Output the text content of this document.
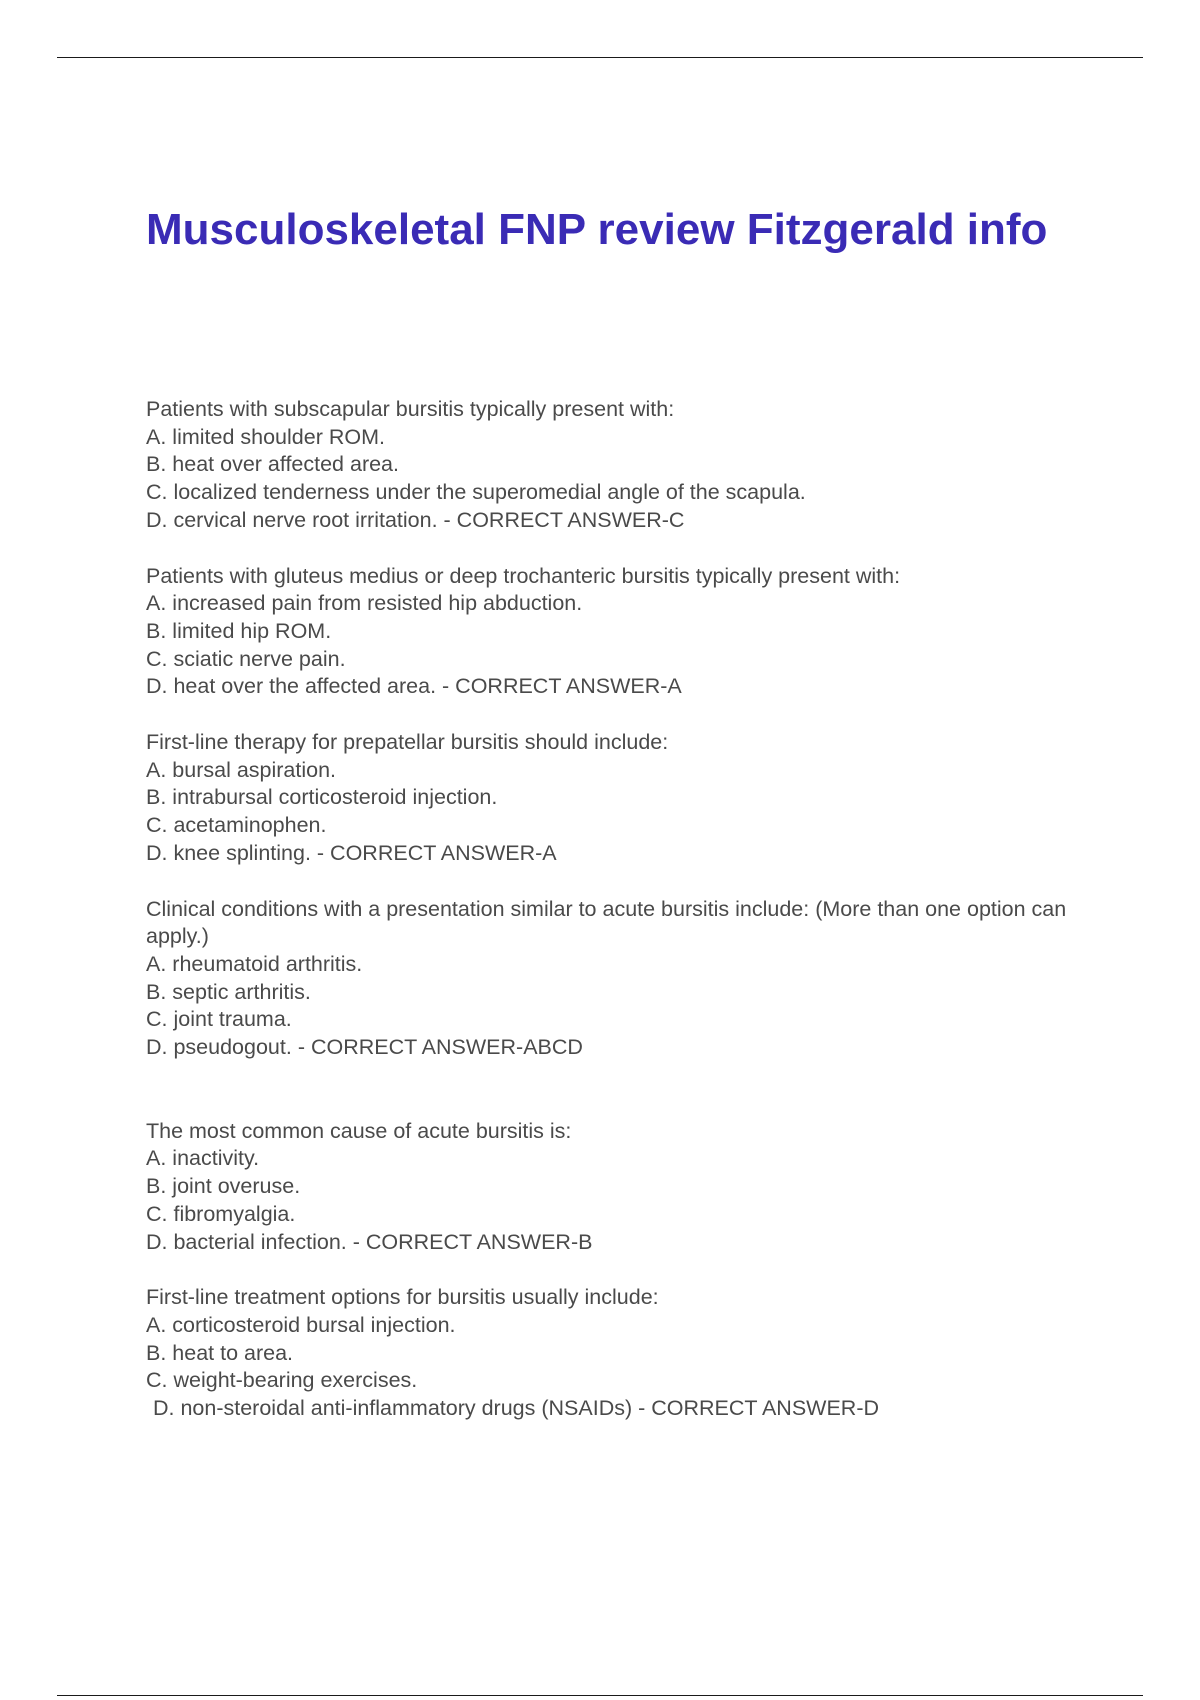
Musculoskeletal FNP review Fitzgerald info
Patients with subscapular bursitis typically present with:
A. limited shoulder ROM.
B. heat over affected area.
C. localized tenderness under the superomedial angle of the scapula.
D. cervical nerve root irritation. - CORRECT ANSWER-C
Patients with gluteus medius or deep trochanteric bursitis typically present with:
A. increased pain from resisted hip abduction.
B. limited hip ROM.
C. sciatic nerve pain.
D. heat over the affected area. - CORRECT ANSWER-A
First-line therapy for prepatellar bursitis should include:
A. bursal aspiration.
B. intrabursal corticosteroid injection.
C. acetaminophen.
D. knee splinting. - CORRECT ANSWER-A
Clinical conditions with a presentation similar to acute bursitis include: (More than one option can apply.)
A. rheumatoid arthritis.
B. septic arthritis.
C. joint trauma.
D. pseudogout. - CORRECT ANSWER-ABCD
The most common cause of acute bursitis is:
A. inactivity.
B. joint overuse.
C. fibromyalgia.
D. bacterial infection. - CORRECT ANSWER-B
First-line treatment options for bursitis usually include:
A. corticosteroid bursal injection.
B. heat to area.
C. weight-bearing exercises.
D. non-steroidal anti-inflammatory drugs (NSAIDs) - CORRECT ANSWER-D
